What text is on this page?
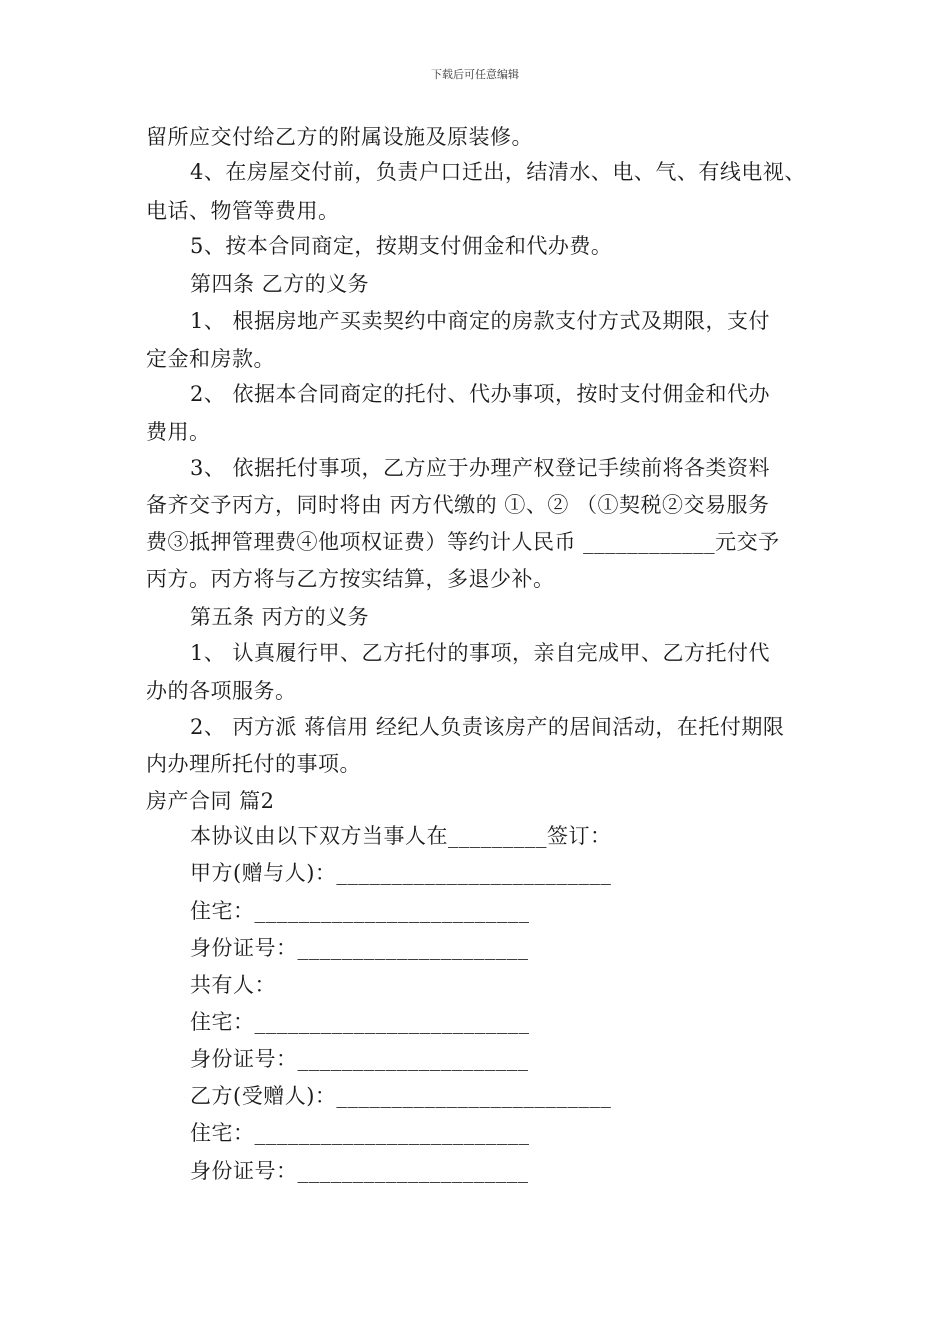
下载后可任意编辑
留所应交付给乙方的附属设施及原装修。
4、在房屋交付前，负责户口迁出，结清水、电、气、有线电视、
电话、物管等费用。
5、按本合同商定，按期支付佣金和代办费。
第四条 乙方的义务
1、 根据房地产买卖契约中商定的房款支付方式及期限，支付
定金和房款。
2、 依据本合同商定的托付、代办事项，按时支付佣金和代办
费用。
3、 依据托付事项，乙方应于办理产权登记手续前将各类资料
备齐交予丙方，同时将由 丙方代缴的 ①、② （①契税②交易服务
费③抵押管理费④他项权证费）等约计人民币 ____________元交予
丙方。丙方将与乙方按实结算，多退少补。
第五条 丙方的义务
1、 认真履行甲、乙方托付的事项，亲自完成甲、乙方托付代
办的各项服务。
2、 丙方派 蒋信用 经纪人负责该房产的居间活动，在托付期限
内办理所托付的事项。
房产合同 篇2
本协议由以下双方当事人在_________签订：
甲方(赠与人)：_________________________
住宅：_________________________
身份证号：_____________________
共有人：
住宅：_________________________
身份证号：_____________________
乙方(受赠人)：_________________________
住宅：_________________________
身份证号：_____________________
